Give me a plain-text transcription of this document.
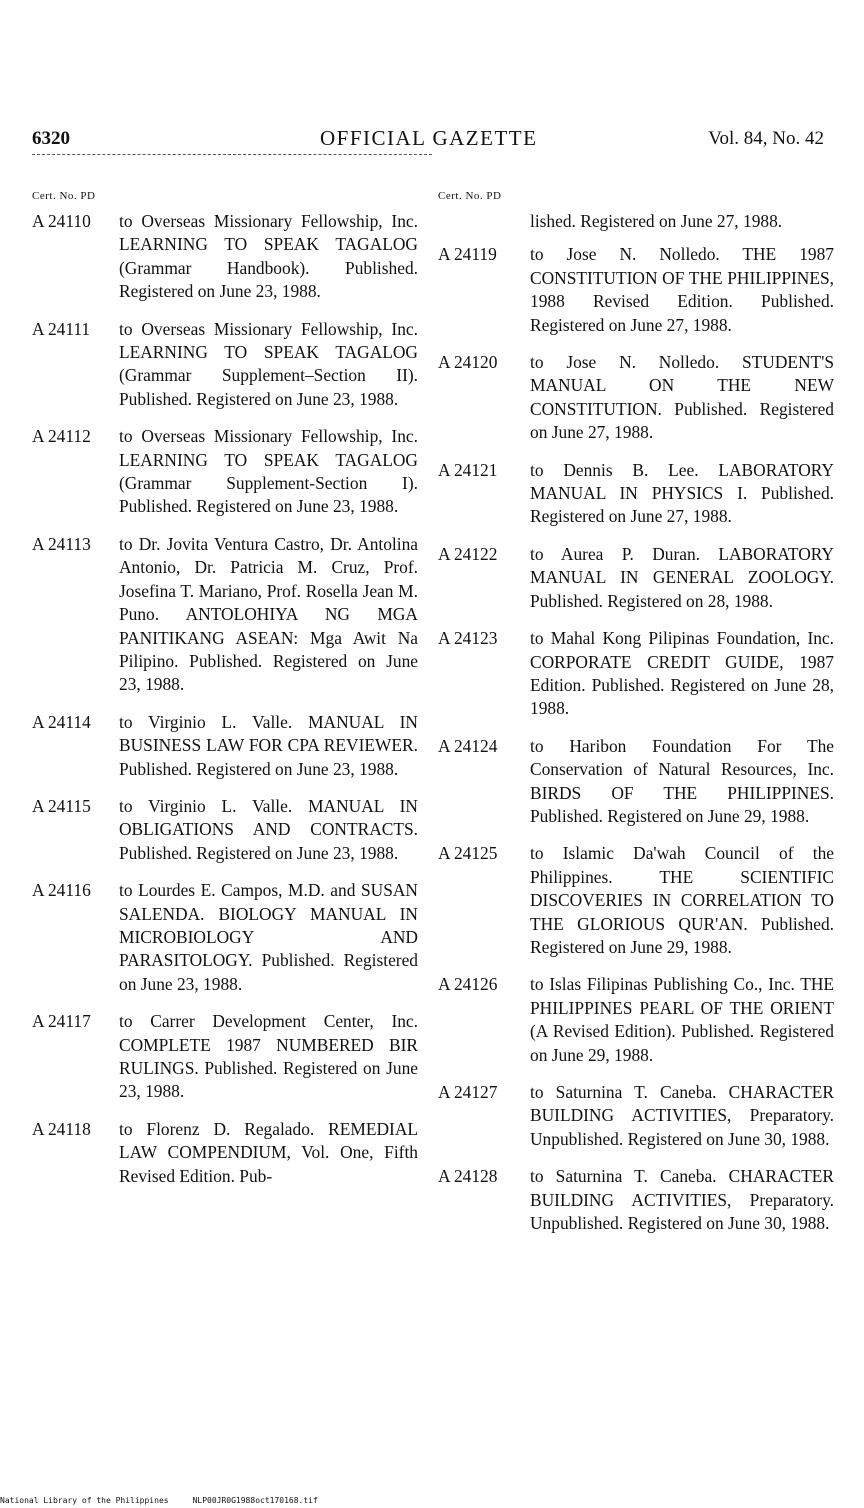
6320	OFFICIAL GAZETTE	Vol. 84, No. 42
Cert. No. PD
A 24110 to Overseas Missionary Fellowship, Inc. LEARNING TO SPEAK TAGALOG (Grammar Handbook). Published. Registered on June 23, 1988.
A 24111 to Overseas Missionary Fellowship, Inc. LEARNING TO SPEAK TAGALOG (Grammar Supplement–Section II). Published. Registered on June 23, 1988.
A 24112 to Overseas Missionary Fellowship, Inc. LEARNING TO SPEAK TAGALOG (Grammar Supplement-Section I). Published. Registered on June 23, 1988.
A 24113 to Dr. Jovita Ventura Castro, Dr. Antolina Antonio, Dr. Patricia M. Cruz, Prof. Josefina T. Mariano, Prof. Rosella Jean M. Puno. ANTOLOHIYA NG MGA PANITIKANG ASEAN: Mga Awit Na Pilipino. Published. Registered on June 23, 1988.
A 24114 to Virginio L. Valle. MANUAL IN BUSINESS LAW FOR CPA REVIEWER. Published. Registered on June 23, 1988.
A 24115 to Virginio L. Valle. MANUAL IN OBLIGATIONS AND CONTRACTS. Published. Registered on June 23, 1988.
A 24116 to Lourdes E. Campos, M.D. and SUSAN SALENDA. BIOLOGY MANUAL IN MICROBIOLOGY AND PARASITOLOGY. Published. Registered on June 23, 1988.
A 24117 to Carrer Development Center, Inc. COMPLETE 1987 NUMBERED BIR RULINGS. Published. Registered on June 23, 1988.
A 24118 to Florenz D. Regalado. REMEDIAL LAW COMPENDIUM, Vol. One, Fifth Revised Edition. Pub-
Cert. No. PD
lished. Registered on June 27, 1988.
A 24119 to Jose N. Nolledo. THE 1987 CONSTITUTION OF THE PHILIPPINES, 1988 Revised Edition. Published. Registered on June 27, 1988.
A 24120 to Jose N. Nolledo. STUDENT'S MANUAL ON THE NEW CONSTITUTION. Published. Registered on June 27, 1988.
A 24121 to Dennis B. Lee. LABORATORY MANUAL IN PHYSICS I. Published. Registered on June 27, 1988.
A 24122 to Aurea P. Duran. LABORATORY MANUAL IN GENERAL ZOOLOGY. Published. Registered on 28, 1988.
A 24123 to Mahal Kong Pilipinas Foundation, Inc. CORPORATE CREDIT GUIDE, 1987 Edition. Published. Registered on June 28, 1988.
A 24124 to Haribon Foundation For The Conservation of Natural Resources, Inc. BIRDS OF THE PHILIPPINES. Published. Registered on June 29, 1988.
A 24125 to Islamic Da'wah Council of the Philippines. THE SCIENTIFIC DISCOVERIES IN CORRELATION TO THE GLORIOUS QUR'AN. Published. Registered on June 29, 1988.
A 24126 to Islas Filipinas Publishing Co., Inc. THE PHILIPPINES PEARL OF THE ORIENT (A Revised Edition). Published. Registered on June 29, 1988.
A 24127 to Saturnina T. Caneba. CHARACTER BUILDING ACTIVITIES, Preparatory. Unpublished. Registered on June 30, 1988.
A 24128 to Saturnina T. Caneba. CHARACTER BUILDING ACTIVITIES, Preparatory. Unpublished. Registered on June 30, 1988.
National Library of the Philippines	NLP00JR0G1988oct170168.tif
